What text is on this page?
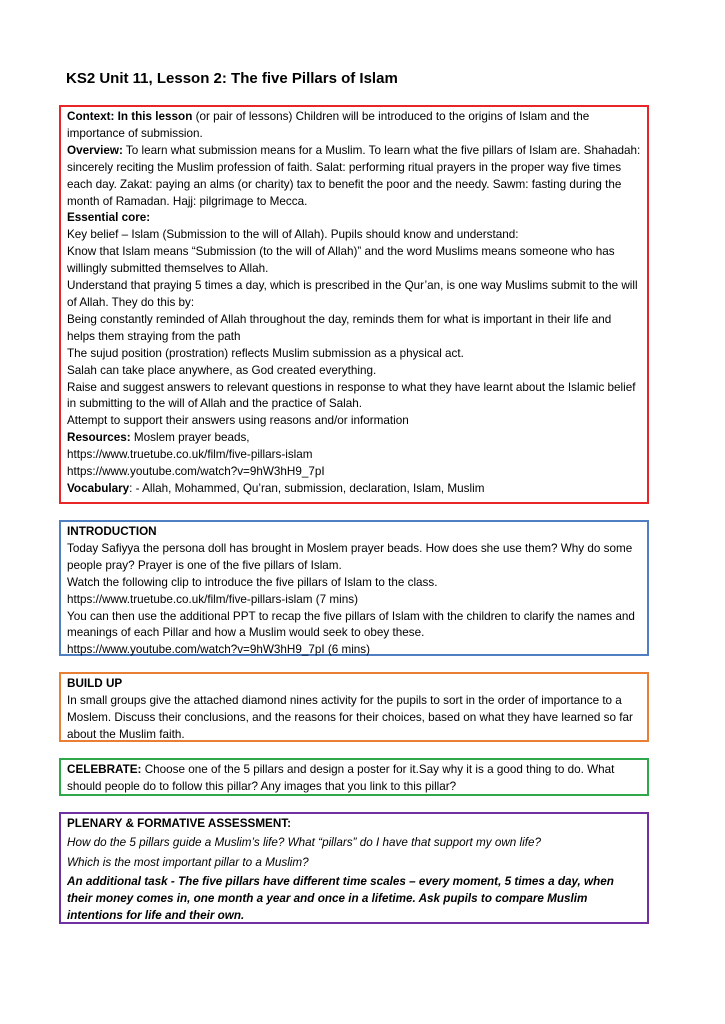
KS2 Unit 11, Lesson 2: The five Pillars of Islam

Context: In this lesson (or pair of lessons) Children will be introduced to the origins of Islam and the importance of submission.

Overview: To learn what submission means for a Muslim. To learn what the five pillars of Islam are. Shahadah: sincerely reciting the Muslim profession of faith. Salat: performing ritual prayers in the proper way five times each day. Zakat: paying an alms (or charity) tax to benefit the poor and the needy. Sawm: fasting during the month of Ramadan. Hajj: pilgrimage to Mecca.

Essential core:

Key belief – Islam (Submission to the will of Allah). Pupils should know and understand:

Know that Islam means “Submission (to the will of Allah)” and the word Muslims means someone who has willingly submitted themselves to Allah.

Understand that praying 5 times a day, which is prescribed in the Qur’an, is one way Muslims submit to the will of Allah. They do this by:

Being constantly reminded of Allah throughout the day, reminds them for what is important in their life and helps them straying from the path

The sujud position (prostration) reflects Muslim submission as a physical act.

Salah can take place anywhere, as God created everything.

Raise and suggest answers to relevant questions in response to what they have learnt about the Islamic belief in submitting to the will of Allah and the practice of Salah.

Attempt to support their answers using reasons and/or information

Resources: Moslem prayer beads,

https://www.truetube.co.uk/film/five-pillars-islam

https://www.youtube.com/watch?v=9hW3hH9_7pI

Vocabulary: - Allah, Mohammed, Qu’ran, submission, declaration, Islam, Muslim

INTRODUCTION

Today Safiyya the persona doll has brought in Moslem prayer beads. How does she use them? Why do some people pray? Prayer is one of the five pillars of Islam.

Watch the following clip to introduce the five pillars of Islam to the class.

https://www.truetube.co.uk/film/five-pillars-islam (7 mins)

You can then use the additional PPT to recap the five pillars of Islam with the children to clarify the names and meanings of each Pillar and how a Muslim would seek to obey these.

https://www.youtube.com/watch?v=9hW3hH9_7pI (6 mins)

BUILD UP

In small groups give the attached diamond nines activity for the pupils to sort in the order of importance to a Moslem. Discuss their conclusions, and the reasons for their choices, based on what they have learned so far about the Muslim faith.

CELEBRATE: Choose one of the 5 pillars and design a poster for it.Say why it is a good thing to do. What should people do to follow this pillar? Any images that you link to this pillar?

PLENARY & FORMATIVE ASSESSMENT:

How do the 5 pillars guide a Muslim’s life? What “pillars” do I have that support my own life?

Which is the most important pillar to a Muslim?

An additional task - The five pillars have different time scales – every moment, 5 times a day, when their money comes in, one month a year and once in a lifetime. Ask pupils to compare Muslim intentions for life and their own.
